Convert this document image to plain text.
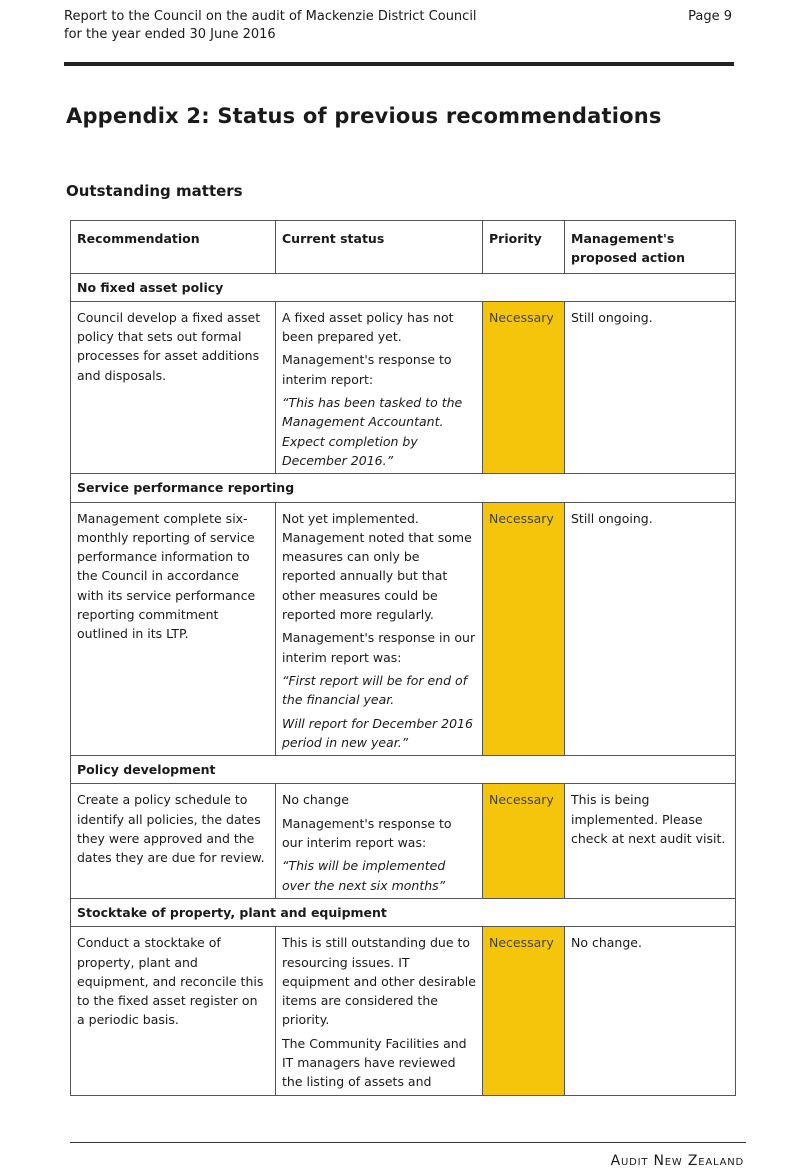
Report to the Council on the audit of Mackenzie District Council
for the year ended 30 June 2016
Page 9
Appendix 2: Status of previous recommendations
Outstanding matters
Recommendation	Current status	Priority	Management's proposed action
No fixed asset policy			
Council develop a fixed asset policy that sets out formal processes for asset additions and disposals.	A fixed asset policy has not been prepared yet.

Management's response to interim report:

“This has been tasked to the Management Accountant. Expect completion by December 2016.”	Necessary	Still ongoing.
Service performance reporting			
Management complete six-monthly reporting of service performance information to the Council in accordance with its service performance reporting commitment outlined in its LTP.	Not yet implemented. Management noted that some measures can only be reported annually but that other measures could be reported more regularly.

Management's response in our interim report was:

“First report will be for end of the financial year.

Will report for December 2016 period in new year.”	Necessary	Still ongoing.
Policy development			
Create a policy schedule to identify all policies, the dates they were approved and the dates they are due for review.	No change

Management's response to our interim report was:

“This will be implemented over the next six months”	Necessary	This is being implemented. Please check at next audit visit.
Stocktake of property, plant and equipment			
Conduct a stocktake of property, plant and equipment, and reconcile this to the fixed asset register on a periodic basis.	This is still outstanding due to resourcing issues. IT equipment and other desirable items are considered the priority.

The Community Facilities and IT managers have reviewed the listing of assets and	Necessary	No change.
Audit New Zealand
